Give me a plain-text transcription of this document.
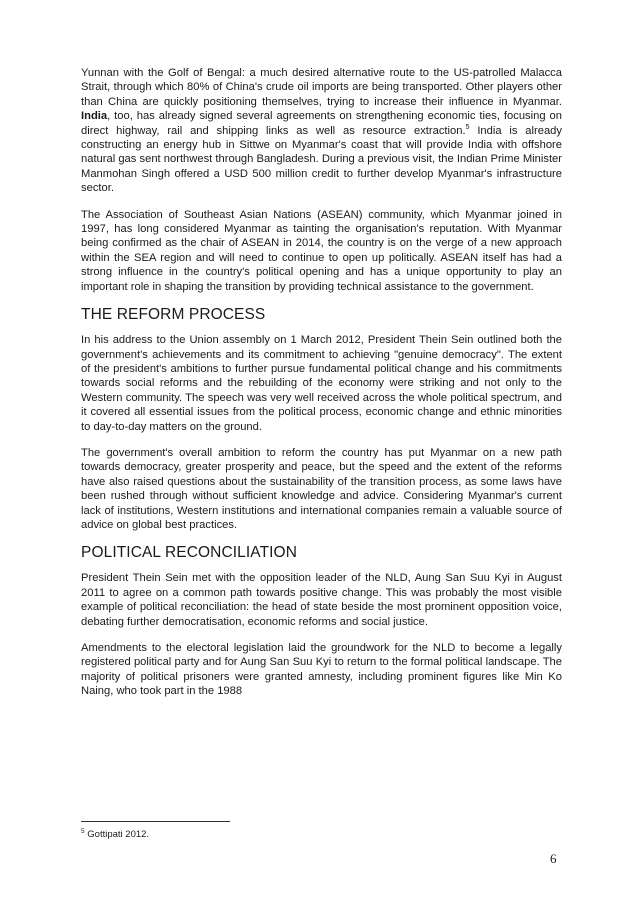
Yunnan with the Golf of Bengal: a much desired alternative route to the US-patrolled Malacca Strait, through which 80% of China's crude oil imports are being transported. Other players other than China are quickly positioning themselves, trying to increase their influence in Myanmar. India, too, has already signed several agreements on strengthening economic ties, focusing on direct highway, rail and shipping links as well as resource extraction.$^5$ India is already constructing an energy hub in Sittwe on Myanmar's coast that will provide India with offshore natural gas sent northwest through Bangladesh. During a previous visit, the Indian Prime Minister Manmohan Singh offered a USD 500 million credit to further develop Myanmar's infrastructure sector.

The Association of Southeast Asian Nations (ASEAN) community, which Myanmar joined in 1997, has long considered Myanmar as tainting the organisation's reputation. With Myanmar being confirmed as the chair of ASEAN in 2014, the country is on the verge of a new approach within the SEA region and will need to continue to open up politically. ASEAN itself has had a strong influence in the country's political opening and has a unique opportunity to play an important role in shaping the transition by providing technical assistance to the government.

THE REFORM PROCESS

In his address to the Union assembly on 1 March 2012, President Thein Sein outlined both the government's achievements and its commitment to achieving "genuine democracy". The extent of the president's ambitions to further pursue fundamental political change and his commitments towards social reforms and the rebuilding of the economy were striking and not only to the Western community. The speech was very well received across the whole political spectrum, and it covered all essential issues from the political process, economic change and ethnic minorities to day-to-day matters on the ground.

The government's overall ambition to reform the country has put Myanmar on a new path towards democracy, greater prosperity and peace, but the speed and the extent of the reforms have also raised questions about the sustainability of the transition process, as some laws have been rushed through without sufficient knowledge and advice. Considering Myanmar's current lack of institutions, Western institutions and international companies remain a valuable source of advice on global best practices.

POLITICAL RECONCILIATION

President Thein Sein met with the opposition leader of the NLD, Aung San Suu Kyi in August 2011 to agree on a common path towards positive change. This was probably the most visible example of political reconciliation: the head of state beside the most prominent opposition voice, debating further democratisation, economic reforms and social justice.

Amendments to the electoral legislation laid the groundwork for the NLD to become a legally registered political party and for Aung San Suu Kyi to return to the formal political landscape. The majority of political prisoners were granted amnesty, including prominent figures like Min Ko Naing, who took part in the 1988

$^5$ Gottipati 2012.
6
